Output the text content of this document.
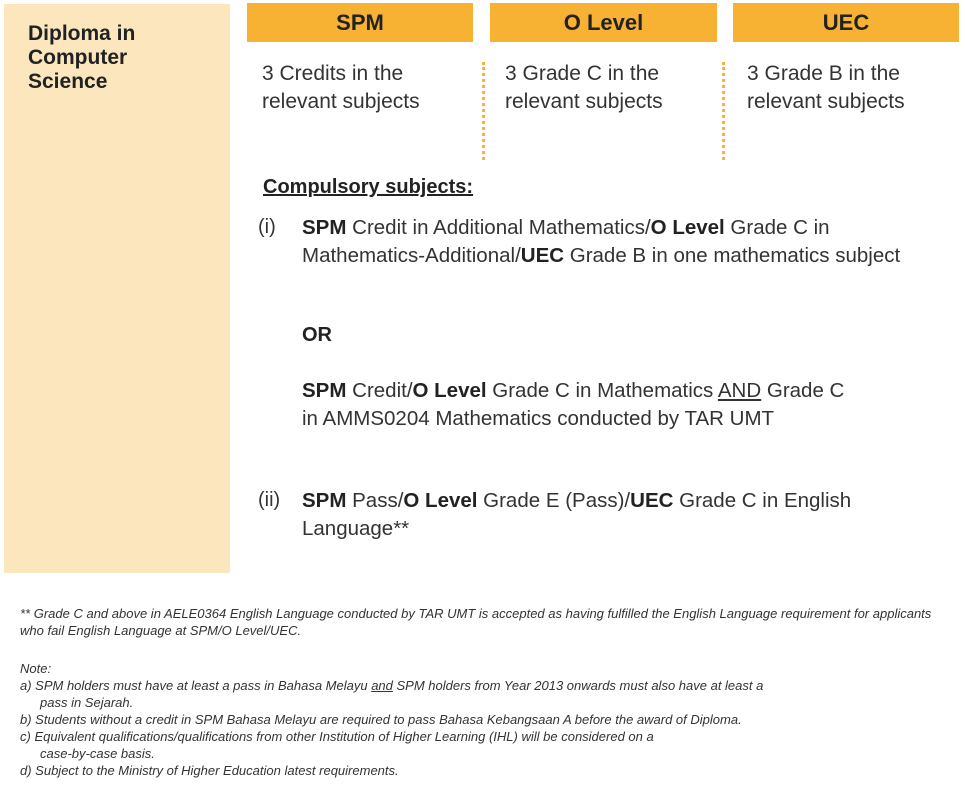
Diploma in Computer Science
SPM	O Level	UEC
3 Credits in the relevant subjects
3 Grade C in the relevant subjects
3 Grade B in the relevant subjects
Compulsory subjects:
(i) SPM Credit in Additional Mathematics/O Level Grade C in Mathematics-Additional/UEC Grade B in one mathematics subject
OR
SPM Credit/O Level Grade C in Mathematics AND Grade C in AMMS0204 Mathematics conducted by TAR UMT
(ii) SPM Pass/O Level Grade E (Pass)/UEC Grade C in English Language**
** Grade C and above in AELE0364 English Language conducted by TAR UMT is accepted as having fulfilled the English Language requirement for applicants who fail English Language at SPM/O Level/UEC.
Note:
a) SPM holders must have at least a pass in Bahasa Melayu and SPM holders from Year 2013 onwards must also have at least a
pass in Sejarah.
b) Students without a credit in SPM Bahasa Melayu are required to pass Bahasa Kebangsaan A before the award of Diploma.
c) Equivalent qualifications/qualifications from other Institution of Higher Learning (IHL) will be considered on a
case-by-case basis.
d) Subject to the Ministry of Higher Education latest requirements.
